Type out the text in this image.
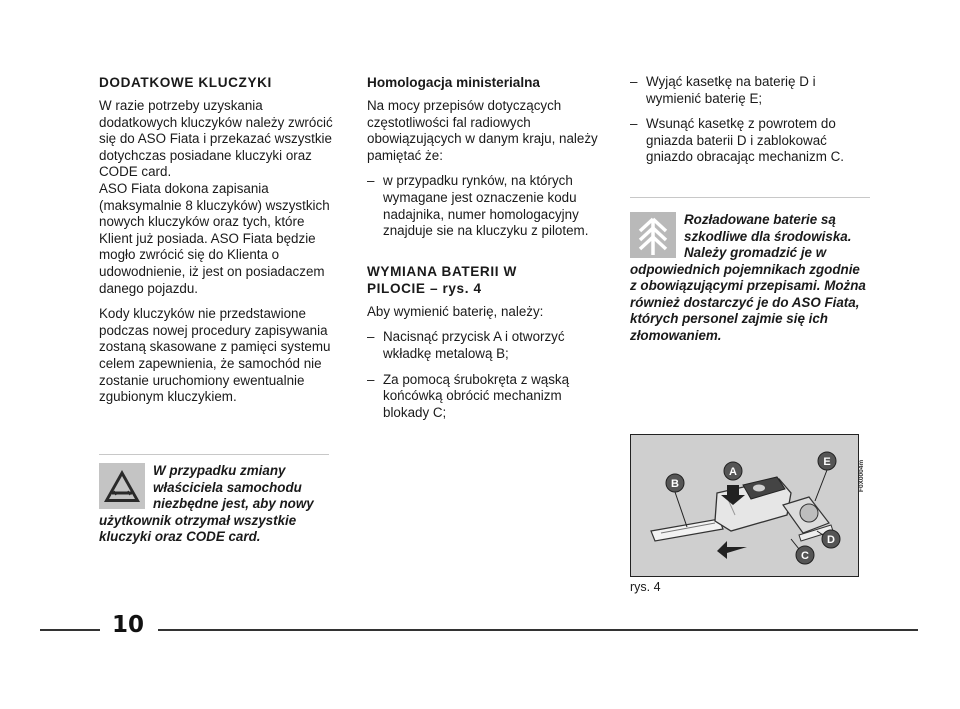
DODATKOWE KLUCZYKI

W razie potrzeby uzyskania dodatkowych kluczyków należy zwrócić się do ASO Fiata i przekazać wszystkie dotychczas posiadane kluczyki oraz CODE card.
ASO Fiata dokona zapisania (maksymalnie 8 kluczyków) wszystkich nowych kluczyków oraz tych, które Klient już posiada. ASO Fiata będzie mogło zwrócić się do Klienta o udowodnienie, iż jest on posiadaczem danego pojazdu.

Kody kluczyków nie przedstawione podczas nowej procedury zapisywania zostaną skasowane z pamięci systemu celem zapewnienia, że samochód nie zostanie uruchomiony ewentualnie zgubionym kluczykiem.

W przypadku zmiany właściciela samochodu niezbędne jest, aby nowy użytkownik otrzymał wszystkie kluczyki oraz CODE card.
Homologacja ministerialna

Na mocy przepisów dotyczących częstotliwości fal radiowych obowiązujących w danym kraju, należy pamiętać że:

– w przypadku rynków, na których wymagane jest oznaczenie kodu nadajnika, numer homologacyjny znajduje sie na kluczyku z pilotem.
WYMIANA BATERII W PILOCIE – rys. 4

Aby wymienić baterię, należy:

– Nacisnąć przycisk A i otworzyć wkładkę metalową B;
– Za pomocą śrubokręta z wąską końcówką obrócić mechanizm blokady C;
– Wyjąć kasetkę na baterię D i wymienić baterię E;
– Wsunąć kasetkę z powrotem do gniazda baterii D i zablokować gniazdo obracając mechanizm C.
Rozładowane baterie są szkodliwe dla środowiska. Należy gromadzić je w odpowiednich pojemnikach zgodnie z obowiązującymi przepisami. Można również dostarczyć je do ASO Fiata, których personel zajmie się ich złomowaniem.
A
B
E
D
C
F0X0004m
rys. 4
10
